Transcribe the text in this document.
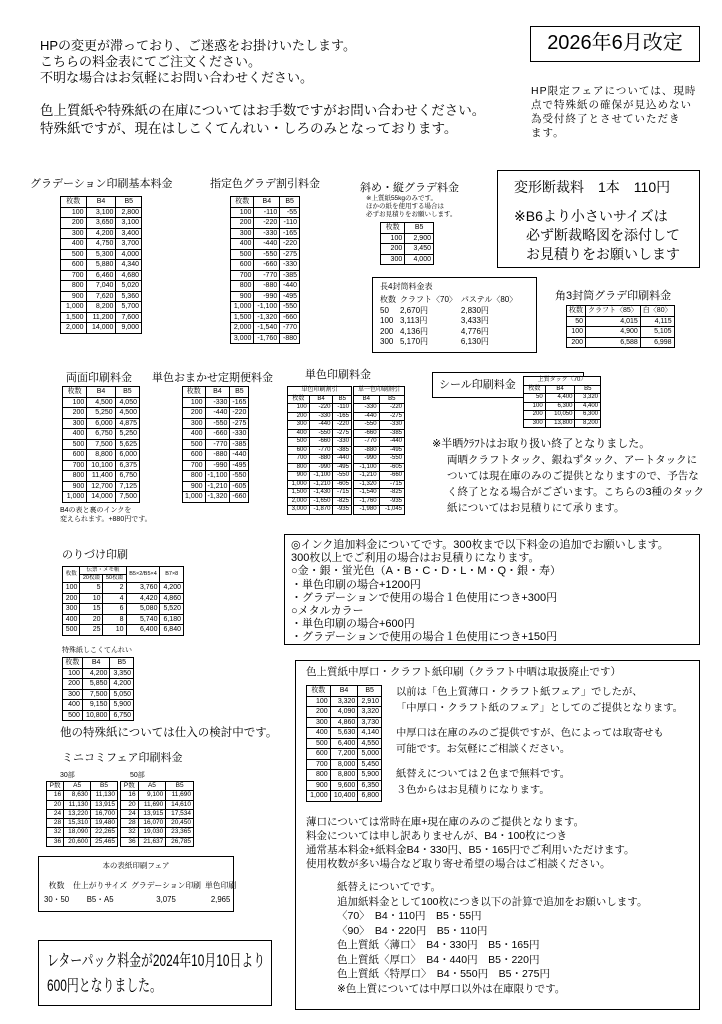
HPの変更が滞っており、ご迷惑をお掛けいたします。
こちらの料金表にてご注文ください。
不明な場合はお気軽にお問い合わせください。
色上質紙や特殊紙の在庫についてはお手数ですがお問い合わせください。
特殊紙ですが、現在はしこくてんれい・しろのみとなっております。
2026年6月改定
HP限定フェアについては、現時
点で特殊紙の確保が見込めない
為受付終了とさせていただき
ます。
グラデーション印刷基本料金
枚数	B4	B5
100	3,100	2,800
200	3,650	3,100
300	4,200	3,400
400	4,750	3,700
500	5,300	4,000
600	5,880	4,340
700	6,460	4,680
800	7,040	5,020
900	7,620	5,360
1,000	8,200	5,700
1,500	11,200	7,600
2,000	14,000	9,000
指定色グラデ割引料金
枚数	B4	B5
100	-110	-55
200	-220	-110
300	-330	-165
400	-440	-220
500	-550	-275
600	-660	-330
700	-770	-385
800	-880	-440
900	-990	-495
1,000	-1,100	-550
1,500	-1,320	-660
2,000	-1,540	-770
3,000	-1,760	-880
斜め・縦グラデ料金
※上質紙55kgのみです。
ほかの紙を使用する場合は
必ずお見積りをお願いします。
枚数	B5
100	2,900
200	3,450
300	4,000
変形断裁料　1本　110円
※B6より小さいサイズは
必ず断裁略図を添付して
お見積りをお願いします
長4封筒料金表
枚数	クラフト〈70〉	パステル〈80〉
50	2,670円	2,830円
100	3,113円	3,433円
200	4,136円	4,776円
300	5,170円	6,130円
角3封筒グラデ印刷料金
枚数	クラフト〈85〉	白〈80〉
50	4,015	4,115
100	4,900	5,105
200	6,588	6,998
両面印刷料金
枚数	B4	B5
100	4,500	4,050
200	5,250	4,500
300	6,000	4,875
400	6,750	5,250
500	7,500	5,625
600	8,800	6,000
700	10,100	6,375
800	11,400	6,750
900	12,700	7,125
1,000	14,000	7,500
B4の表と裏のインクを
変えられます。+880円です。
単色おまかせ定期便料金
枚数	B4	B5
100	-330	-165
200	-440	-220
300	-550	-275
400	-660	-330
500	-770	-385
600	-880	-440
700	-990	-495
800	-1,100	-550
900	-1,210	-605
1,000	-1,320	-660
単色印刷料金
単色印刷割引			単一色印刷割引	
枚数	B4	B5	B4	B5
100	-220	-110	-330	-220
200	-330	-165	-440	-275
300	-440	-220	-550	-330
400	-550	-275	-660	-385
500	-660	-330	-770	-440
600	-770	-385	-880	-495
700	-880	-440	-990	-550
800	-990	-495	-1,100	-605
900	-1,100	-550	-1,210	-660
1,000	-1,210	-605	-1,320	-715
1,500	-1,430	-715	-1,540	-825
2,000	-1,650	-825	-1,760	-935
3,000	-1,870	-935	-1,980	-1,045
シール印刷料金	上質タック〈70〉		
枚数	B4	B5
50	4,400	3,320
100	6,300	4,400
200	10,050	6,300
300	13,800	8,200
※半晒ｸﾗﾌﾄはお取り扱い終了となりました。
両晒クラフトタック、銀ねずタック、アートタックに
ついては現在庫のみのご提供となりますので、予告な
く終了となる場合がございます。こちらの3種のタック
紙についてはお見積りにて承ります。
◎インク追加料金についてです。300枚まで以下料金の追加でお願いします。
300枚以上でご利用の場合はお見積りになります。
○金・銀・蛍光色（A・B・C・D・L・M・Q・銀・寿）
・単色印刷の場合+1200円
・グラデーションで使用の場合１色使用につき+300円
○メタルカラー
・単色印刷の場合+600円
・グラデーションで使用の場合１色使用につき+150円
のりづけ印刷
枚数	伝票・メモ帳		B5×2/B5×4	B7×8
	20枚綴	50枚綴		
100	5	2	3,760	4,200
200	10	4	4,420	4,860
300	15	6	5,080	5,520
400	20	8	5,740	6,180
500	25	10	6,400	6,840
特殊紙しこくてんれい
枚数	B4	B5
100	4,200	3,350
200	5,850	4,200
300	7,500	5,050
400	9,150	5,900
500	10,800	6,750
他の特殊紙については仕入の検討中です。
ミニコミフェア印刷料金
30部	50部
P数	A5	B5
16	8,630	11,130
20	11,130	13,915
24	13,220	16,700
28	15,310	19,480
32	18,090	22,265
36	20,600	25,465
P数	A5	B5
16	9,100	11,690
20	11,690	14,610
24	13,915	17,534
28	16,070	20,450
32	19,030	23,365
36	21,637	26,785
本の表紙印刷フェア
枚数	仕上がりサイズ	グラデーション印刷	単色印刷
30・50	B5・A5	3,075	2,965
レターパック料金が2024年10月10日より
600円となりました。
色上質紙中厚口・クラフト紙印刷（クラフト中晒は取扱廃止です）
枚数	B4	B5
100	3,320	2,910
200	4,090	3,320
300	4,860	3,730
400	5,630	4,140
500	6,400	4,550
600	7,200	5,000
700	8,000	5,450
800	8,800	5,900
900	9,600	6,350
1,000	10,400	6,800
以前は「色上質薄口・クラフト紙フェア」でしたが、
「中厚口・クラフト紙のフェア」としてのご提供となります。
中厚口は在庫のみのご提供ですが、色によっては取寄せも
可能です。お気軽にご相談ください。
紙替えについては２色まで無料です。
３色からはお見積りになります。
薄口については常時在庫+現在庫のみのご提供となります。
料金については申し訳ありませんが、B4・100枚につき
通常基本料金+紙料金B4・330円、B5・165円でご利用いただけます。
使用枚数が多い場合など取り寄せ希望の場合はご相談ください。
紙替えについてです。
追加紙料金として100枚につき以下の計算で追加をお願いします。
〈70〉　B4・110円　B5・55円
〈90〉　B4・220円　B5・110円
色上質紙〈薄口〉　B4・330円　B5・165円
色上質紙〈厚口〉　B4・440円　B5・220円
色上質紙〈特厚口〉　B4・550円　B5・275円
※色上質については中厚口以外は在庫限りです。
